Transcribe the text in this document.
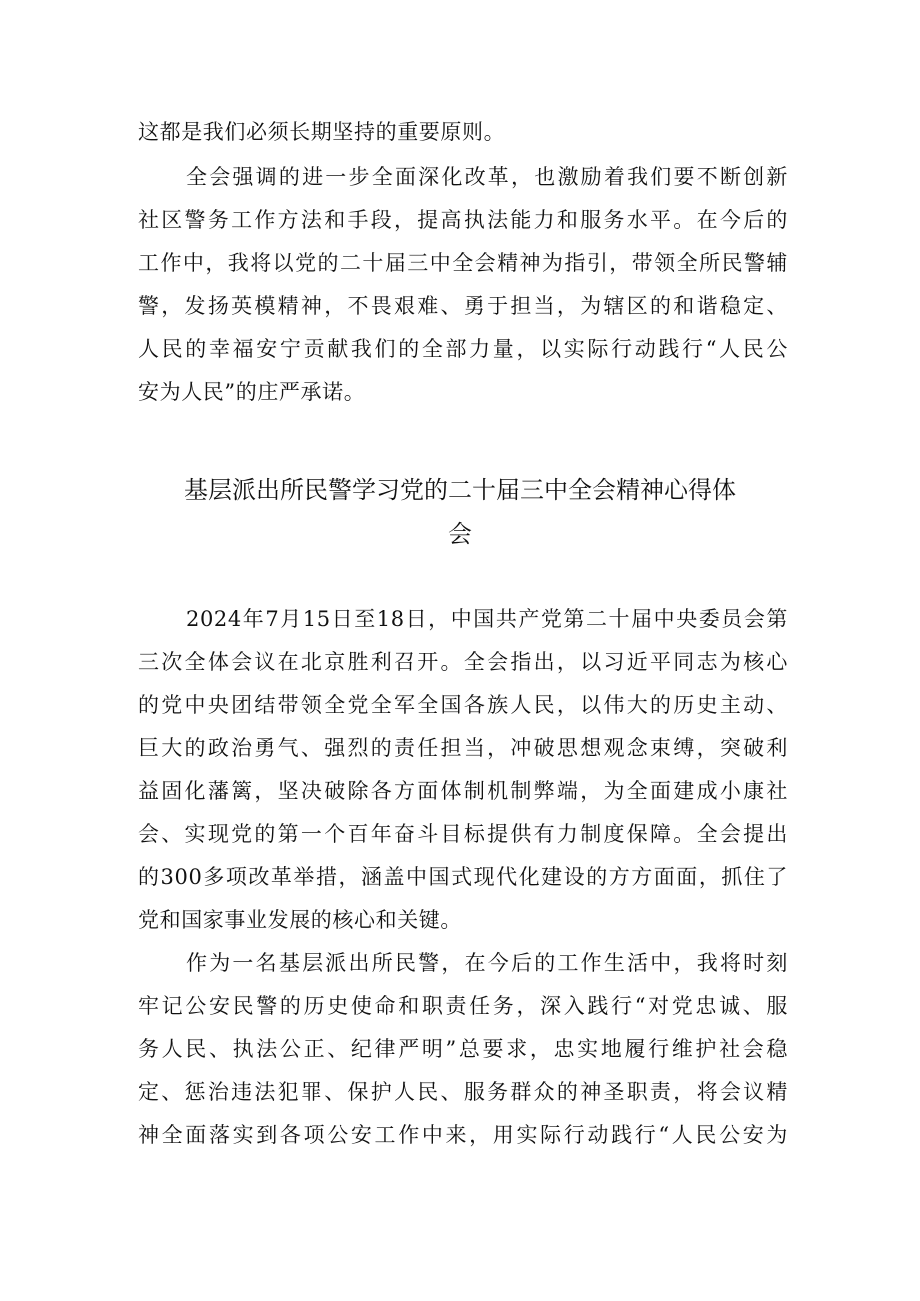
这都是我们必须长期坚持的重要原则。
全会强调的进一步全面深化改革，也激励着我们要不断创新
社区警务工作方法和手段，提高执法能力和服务水平。在今后的
工作中，我将以党的二十届三中全会精神为指引，带领全所民警辅
警，发扬英模精神，不畏艰难、勇于担当，为辖区的和谐稳定、
人民的幸福安宁贡献我们的全部力量，以实际行动践行“人民公
安为人民”的庄严承诺。
基层派出所民警学习党的二十届三中全会精神心得体
会
2024年7月15日至18日，中国共产党第二十届中央委员会第
三次全体会议在北京胜利召开。全会指出，以习近平同志为核心
的党中央团结带领全党全军全国各族人民，以伟大的历史主动、
巨大的政治勇气、强烈的责任担当，冲破思想观念束缚，突破利
益固化藩篱，坚决破除各方面体制机制弊端，为全面建成小康社
会、实现党的第一个百年奋斗目标提供有力制度保障。全会提出
的300多项改革举措，涵盖中国式现代化建设的方方面面，抓住了
党和国家事业发展的核心和关键。
作为一名基层派出所民警，在今后的工作生活中，我将时刻
牢记公安民警的历史使命和职责任务，深入践行“对党忠诚、服
务人民、执法公正、纪律严明”总要求，忠实地履行维护社会稳
定、惩治违法犯罪、保护人民、服务群众的神圣职责，将会议精
神全面落实到各项公安工作中来，用实际行动践行“人民公安为
